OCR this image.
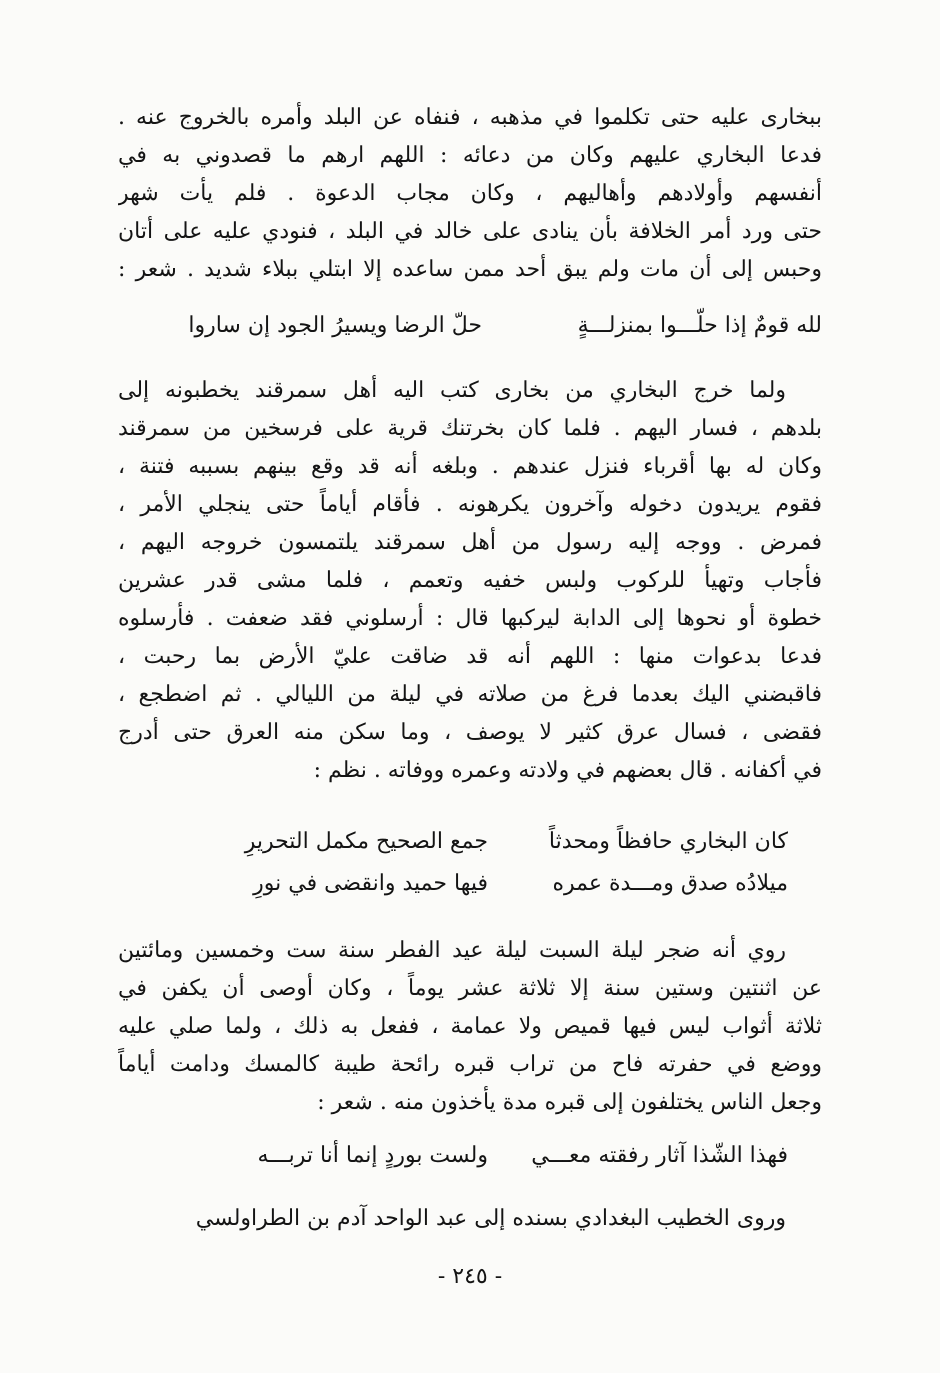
ببخارى عليه حتى تكلموا في مذهبه ، فنفاه عن البلد وأمره بالخروج عنه .
فدعا البخاري عليهم وكان من دعائه : اللهم ارهم ما قصدوني به في
أنفسهم وأولادهم وأهاليهم ، وكان مجاب الدعوة . فلم يأت شهر
حتى ورد أمر الخلافة بأن ينادى على خالد في البلد ، فنودي عليه على أتان
وحبس إلى أن مات ولم يبق أحد ممن ساعده إلا ابتلي ببلاء شديد . شعر :
لله قومٌ إذا حلّـــوا بمنزلـــةٍ
حلّ الرضا ويسيرُ الجود إن ساروا
ولما خرج البخاري من بخارى كتب اليه أهل سمرقند يخطبونه إلى
بلدهم ، فسار اليهم . فلما كان بخرتنك قرية على فرسخين من سمرقند
وكان له بها أقرباء فنزل عندهم . وبلغه أنه قد وقع بينهم بسببه فتنة ،
فقوم يريدون دخوله وآخرون يكرهونه . فأقام أياماً حتى ينجلي الأمر ،
فمرض . ووجه إليه رسول من أهل سمرقند يلتمسون خروجه اليهم ،
فأجاب وتهيأ للركوب ولبس خفيه وتعمم ، فلما مشى قدر عشرين
خطوة أو نحوها إلى الدابة ليركبها قال : أرسلوني فقد ضعفت . فأرسلوه
فدعا بدعوات منها : اللهم أنه قد ضاقت عليّ الأرض بما رحبت ،
فاقبضني اليك بعدما فرغ من صلاته في ليلة من الليالي . ثم اضطجع ،
فقضى ، فسال عرق كثير لا يوصف ، وما سكن منه العرق حتى أدرج
في أكفانه . قال بعضهم في ولادته وعمره ووفاته . نظم :
كان البخاري حافظاً ومحدثاً
جمع الصحيح مكمل التحريرِ
ميلادُه صدق ومـــدة عمره
فيها حميد وانقضى في نورِ
روي أنه ضجر ليلة السبت ليلة عيد الفطر سنة ست وخمسين ومائتين
عن اثنتين وستين سنة إلا ثلاثة عشر يوماً ، وكان أوصى أن يكفن في
ثلاثة أثواب ليس فيها قميص ولا عمامة ، ففعل به ذلك ، ولما صلي عليه
ووضع في حفرته فاح من تراب قبره رائحة طيبة كالمسك ودامت أياماً
وجعل الناس يختلفون إلى قبره مدة يأخذون منه . شعر :
فهذا الشّذا آثار رفقته معـــي
ولست بوردٍ إنما أنا تربـــه
وروى الخطيب البغدادي بسنده إلى عبد الواحد آدم بن الطراولسي
- ٢٤٥ -
